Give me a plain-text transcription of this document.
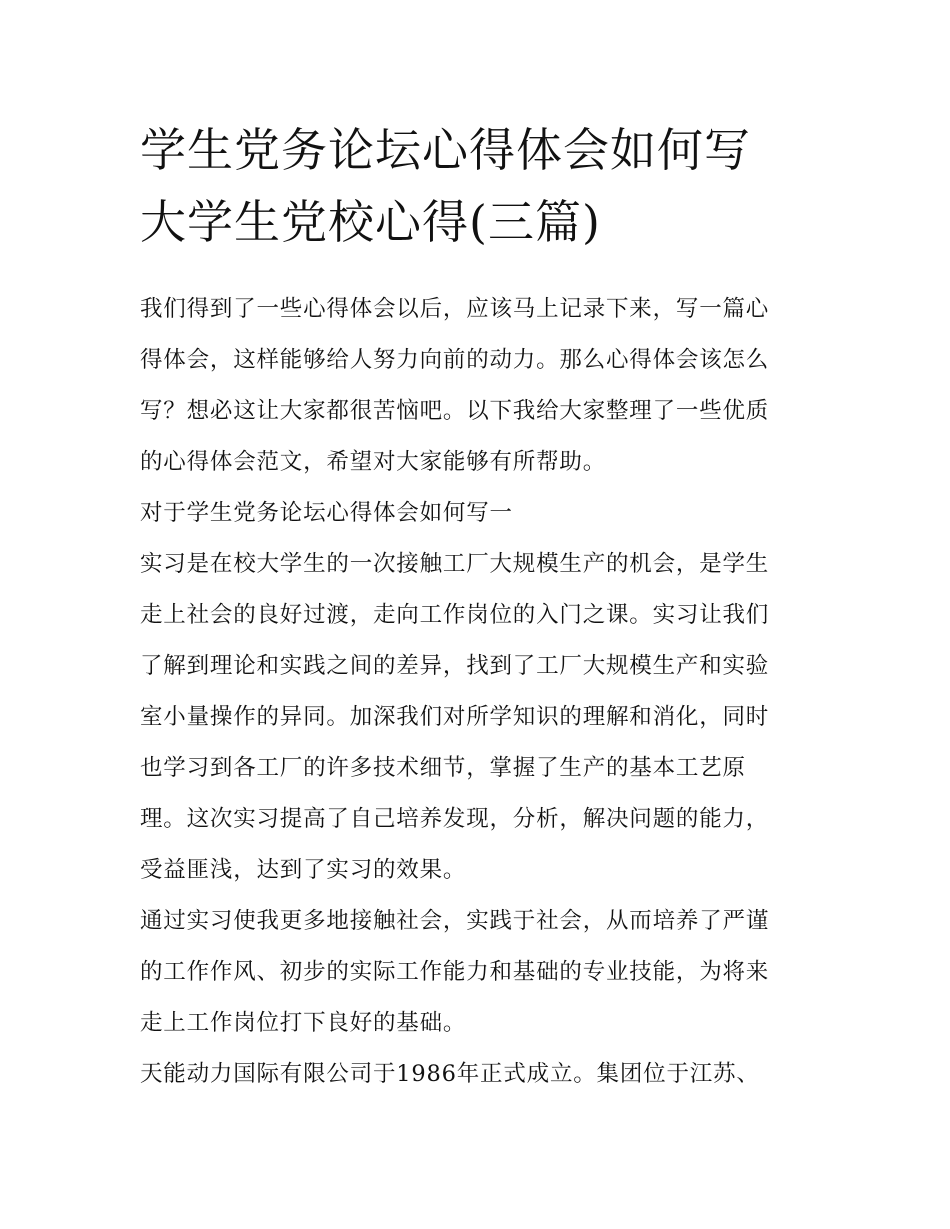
学生党务论坛心得体会如何写
大学生党校心得(三篇)

我们得到了一些心得体会以后，应该马上记录下来，写一篇心
得体会，这样能够给人努力向前的动力。那么心得体会该怎么
写？想必这让大家都很苦恼吧。以下我给大家整理了一些优质
的心得体会范文，希望对大家能够有所帮助。

对于学生党务论坛心得体会如何写一

实习是在校大学生的一次接触工厂大规模生产的机会，是学生
走上社会的良好过渡，走向工作岗位的入门之课。实习让我们
了解到理论和实践之间的差异，找到了工厂大规模生产和实验
室小量操作的异同。加深我们对所学知识的理解和消化，同时
也学习到各工厂的许多技术细节，掌握了生产的基本工艺原
理。这次实习提高了自己培养发现，分析，解决问题的能力，
受益匪浅，达到了实习的效果。

通过实习使我更多地接触社会，实践于社会，从而培养了严谨
的工作作风、初步的实际工作能力和基础的专业技能，为将来
走上工作岗位打下良好的基础。

天能动力国际有限公司于1986年正式成立。集团位于江苏、
